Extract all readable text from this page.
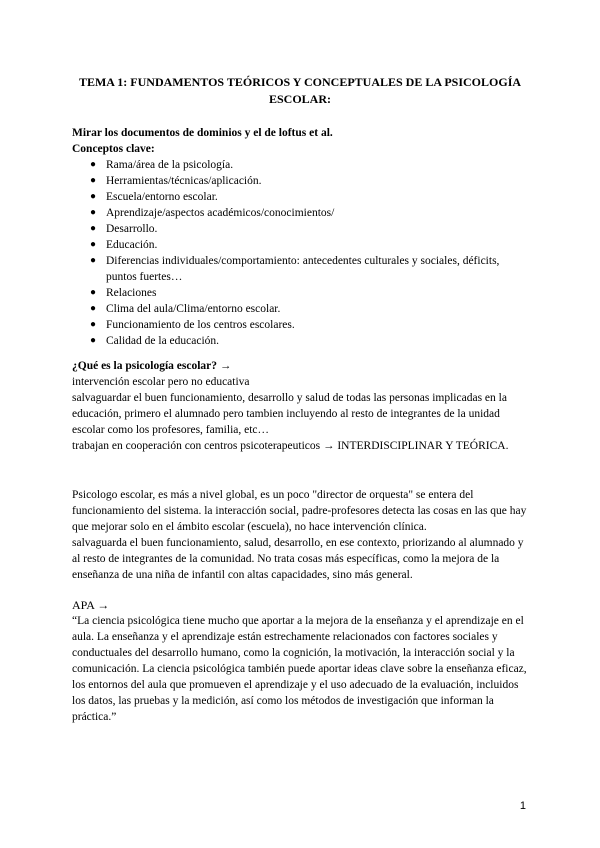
TEMA 1: FUNDAMENTOS TEÓRICOS Y CONCEPTUALES DE LA PSICOLOGÍA ESCOLAR:

Mirar los documentos de dominios y el de loftus et al.

Conceptos clave:

● Rama/área de la psicología.
● Herramientas/técnicas/aplicación.
● Escuela/entorno escolar.
● Aprendizaje/aspectos académicos/conocimientos/
● Desarrollo.
● Educación.
● Diferencias individuales/comportamiento: antecedentes culturales y sociales, déficits, puntos fuertes…
● Relaciones
● Clima del aula/Clima/entorno escolar.
● Funcionamiento de los centros escolares.
● Calidad de la educación.

¿Qué es la psicología escolar? →

intervención escolar pero no educativa

salvaguardar el buen funcionamiento, desarrollo y salud de todas las personas implicadas en la educación, primero el alumnado pero tambien incluyendo al resto de integrantes de la unidad escolar como los profesores, familia, etc…

trabajan en cooperación con centros psicoterapeuticos → INTERDISCIPLINAR Y TEÓRICA.

Psicologo escolar, es más a nivel global, es un poco "director de orquesta" se entera del funcionamiento del sistema. la interacción social, padre-profesores detecta las cosas en las que hay que mejorar solo en el ámbito escolar (escuela), no hace intervención clínica.

salvaguarda el buen funcionamiento, salud, desarrollo, en ese contexto, priorizando al alumnado y al resto de integrantes de la comunidad. No trata cosas más específicas, como la mejora de la enseñanza de una niña de infantil con altas capacidades, sino más general.

APA →

“La ciencia psicológica tiene mucho que aportar a la mejora de la enseñanza y el aprendizaje en el aula. La enseñanza y el aprendizaje están estrechamente relacionados con factores sociales y conductuales del desarrollo humano, como la cognición, la motivación, la interacción social y la comunicación. La ciencia psicológica también puede aportar ideas clave sobre la enseñanza eficaz, los entornos del aula que promueven el aprendizaje y el uso adecuado de la evaluación, incluidos los datos, las pruebas y la medición, así como los métodos de investigación que informan la práctica.”

1
